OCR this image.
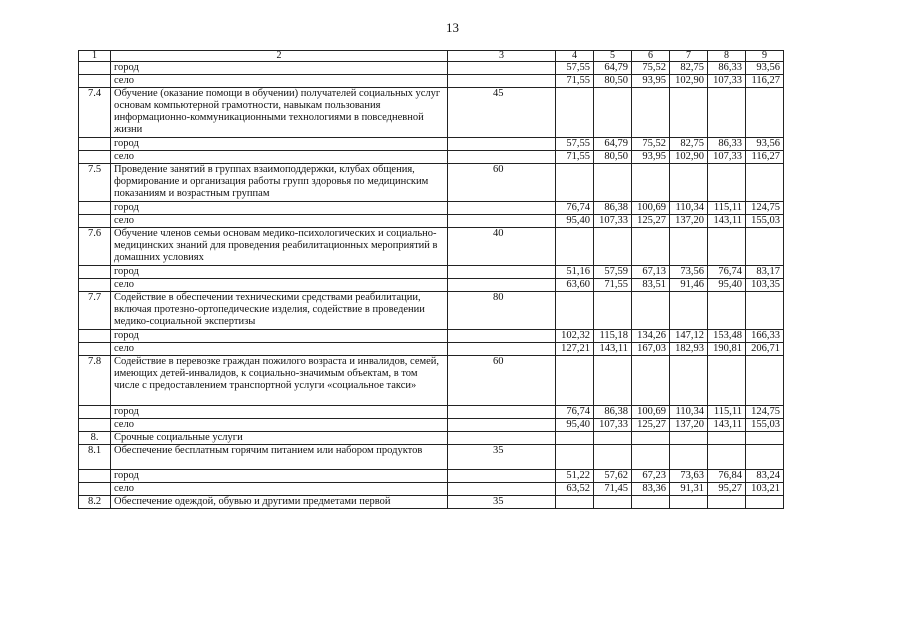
13
1	2	3	4	5	6	7	8	9
	город		57,55	64,79	75,52	82,75	86,33	93,56
	село		71,55	80,50	93,95	102,90	107,33	116,27
7.4	Обучение (оказание помощи в обучении) получателей социальных услуг основам компьютерной грамотности, навыкам пользования информационно-коммуникационными технологиями в повседневной жизни	45						
	город		57,55	64,79	75,52	82,75	86,33	93,56
	село		71,55	80,50	93,95	102,90	107,33	116,27
7.5	Проведение занятий в группах взаимоподдержки, клубах общения, формирование и организация работы групп здоровья по медицинским показаниям и возрастным группам	60						
	город		76,74	86,38	100,69	110,34	115,11	124,75
	село		95,40	107,33	125,27	137,20	143,11	155,03
7.6	Обучение членов семьи основам медико-психологических и социально-медицинских знаний для проведения реабилитационных мероприятий в домашних условиях	40						
	город		51,16	57,59	67,13	73,56	76,74	83,17
	село		63,60	71,55	83,51	91,46	95,40	103,35
7.7	Содействие в обеспечении техническими средствами реабилитации, включая протезно-ортопедические изделия, содействие в проведении медико-социальной экспертизы	80						
	город		102,32	115,18	134,26	147,12	153,48	166,33
	село		127,21	143,11	167,03	182,93	190,81	206,71
7.8	Содействие в перевозке граждан пожилого возраста и инвалидов, семей, имеющих детей-инвалидов, к социально-значимым объектам, в том числе с предоставлением транспортной услуги «социальное такси»	60						
	город		76,74	86,38	100,69	110,34	115,11	124,75
	село		95,40	107,33	125,27	137,20	143,11	155,03
8.	Срочные социальные услуги							
8.1	Обеспечение бесплатным горячим питанием или набором продуктов	35						
	город		51,22	57,62	67,23	73,63	76,84	83,24
	село		63,52	71,45	83,36	91,31	95,27	103,21
8.2	Обеспечение одеждой, обувью и другими предметами первой	35						
